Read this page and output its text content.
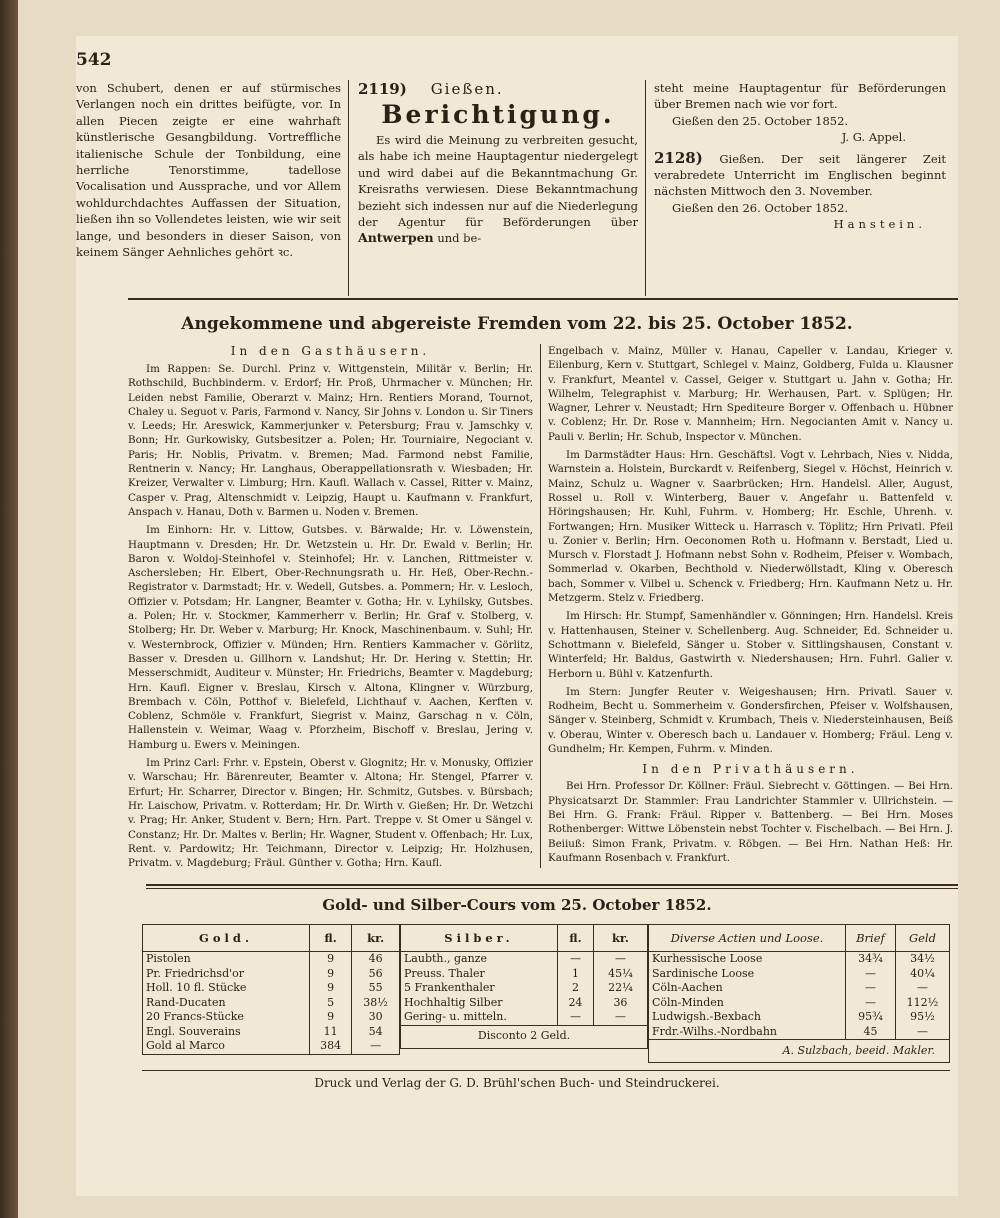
542

von Schubert, denen er auf stürmisches Verlangen noch ein drittes beifügte, vor. In allen Piecen zeigte er eine wahrhaft künstlerische Gesangbildung. Vortreffliche italienische Schule der Tonbildung, eine herrliche Tenorstimme, tadellose Vocalisation und Aussprache, und vor Allem wohldurchdachtes Auffassen der Situation, ließen ihn so Vollendetes leisten, wie wir seit lange, und besonders in dieser Saison, von keinem Sänger Aehnliches gehört ꝛc.

2119) Gießen.
Berichtigung.

Es wird die Meinung zu verbreiten gesucht, als habe ich meine Hauptagentur niedergelegt und wird dabei auf die Bekanntmachung Gr. Kreisraths verwiesen. Diese Bekanntmachung bezieht sich indessen nur auf die Niederlegung der Agentur für Beförderungen über Antwerpen und be-

steht meine Hauptagentur für Beförderungen über Bremen nach wie vor fort.

Gießen den 25. October 1852.

J. G. Appel.

2128) Gießen. Der seit längerer Zeit verabredete Unterricht im Englischen beginnt nächsten Mittwoch den 3. November.

Gießen den 26. October 1852.

Hanstein.

Angekommene und abgereiste Fremden vom 22. bis 25. October 1852.
In den Gasthäusern.

Im Rappen: Se. Durchl. Prinz v. Wittgenstein, Militär v. Berlin; Hr. Rothschild, Buchbinderm. v. Erdorf; Hr. Proß, Uhrmacher v. München; Hr. Leiden nebst Familie, Oberarzt v. Mainz; Hrn. Rentiers Morand, Tournot, Chaley u. Seguot v. Paris, Farmond v. Nancy, Sir Johns v. London u. Sir Tiners v. Leeds; Hr. Areswick, Kammerjunker v. Petersburg; Frau v. Jamschky v. Bonn; Hr. Gurkowisky, Gutsbesitzer a. Polen; Hr. Tourniaire, Negociant v. Paris; Hr. Noblis, Privatm. v. Bremen; Mad. Farmond nebst Familie, Rentnerin v. Nancy; Hr. Langhaus, Oberappellationsrath v. Wiesbaden; Hr. Kreizer, Verwalter v. Limburg; Hrn. Kaufl. Wallach v. Cassel, Ritter v. Mainz, Casper v. Prag, Altenschmidt v. Leipzig, Haupt u. Kaufmann v. Frankfurt, Anspach v. Hanau, Doth v. Barmen u. Noden v. Bremen.

Im Einhorn: Hr. v. Littow, Gutsbes. v. Bärwalde; Hr. v. Löwenstein, Hauptmann v. Dresden; Hr. Dr. Wetzstein u. Hr. Dr. Ewald v. Berlin; Hr. Baron v. Woldoj-Steinhofel v. Steinhofel; Hr. v. Lanchen, Rittmeister v. Aschersleben; Hr. Elbert, Ober-Rechnungsrath u. Hr. Heß, Ober-Rechn.-Registrator v. Darmstadt; Hr. v. Wedell, Gutsbes. a. Pommern; Hr. v. Lesloch, Offizier v. Potsdam; Hr. Langner, Beamter v. Gotha; Hr. v. Lyhilsky, Gutsbes. a. Polen; Hr. v. Stockmer, Kammerherr v. Berlin; Hr. Graf v. Stolberg, v. Stolberg; Hr. Dr. Weber v. Marburg; Hr. Knock, Maschinenbaum. v. Suhl; Hr. v. Westernbrock, Offizier v. Münden; Hrn. Rentiers Kammacher v. Görlitz, Basser v. Dresden u. Gillhorn v. Landshut; Hr. Dr. Hering v. Stettin; Hr. Messerschmidt, Auditeur v. Münster; Hr. Friedrichs, Beamter v. Magdeburg; Hrn. Kaufl. Eigner v. Breslau, Kirsch v. Altona, Klingner v. Würzburg, Brembach v. Cöln, Potthof v. Bielefeld, Lichthauf v. Aachen, Kerften v. Coblenz, Schmöle v. Frankfurt, Siegrist v. Mainz, Garschag n v. Cöln, Hallenstein v. Weimar, Waag v. Pforzheim, Bischoff v. Breslau, Jering v. Hamburg u. Ewers v. Meiningen.

Im Prinz Carl: Frhr. v. Epstein, Oberst v. Glognitz; Hr. v. Monusky, Offizier v. Warschau; Hr. Bärenreuter, Beamter v. Altona; Hr. Stengel, Pfarrer v. Erfurt; Hr. Scharrer, Director v. Bingen; Hr. Schmitz, Gutsbes. v. Bürsbach; Hr. Laischow, Privatm. v. Rotterdam; Hr. Dr. Wirth v. Gießen; Hr. Dr. Wetzchi v. Prag; Hr. Anker, Student v. Bern; Hrn. Part. Treppe v. St Omer u Sängel v. Constanz; Hr. Dr. Maltes v. Berlin; Hr. Wagner, Student v. Offenbach; Hr. Lux, Rent. v. Pardowitz; Hr. Teichmann, Director v. Leipzig; Hr. Holzhusen, Privatm. v. Magdeburg; Fräul. Günther v. Gotha; Hrn. Kaufl.

Engelbach v. Mainz, Müller v. Hanau, Capeller v. Landau, Krieger v. Eilenburg, Kern v. Stuttgart, Schlegel v. Mainz, Goldberg, Fulda u. Klausner v. Frankfurt, Meantel v. Cassel, Geiger v. Stuttgart u. Jahn v. Gotha; Hr. Wilhelm, Telegraphist v. Marburg; Hr. Werhausen, Part. v. Splügen; Hr. Wagner, Lehrer v. Neustadt; Hrn Spediteure Borger v. Offenbach u. Hübner v. Coblenz; Hr. Dr. Rose v. Mannheim; Hrn. Negocianten Amit v. Nancy u. Pauli v. Berlin; Hr. Schub, Inspector v. München.

Im Darmstädter Haus: Hrn. Geschäftsl. Vogt v. Lehrbach, Nies v. Nidda, Warnstein a. Holstein, Burckardt v. Reifenberg, Siegel v. Höchst, Heinrich v. Mainz, Schulz u. Wagner v. Saarbrücken; Hrn. Handelsl. Aller, August, Rossel u. Roll v. Winterberg, Bauer v. Angefahr u. Battenfeld v. Höringshausen; Hr. Kuhl, Fuhrm. v. Homberg; Hr. Eschle, Uhrenh. v. Fortwangen; Hrn. Musiker Witteck u. Harrasch v. Töplitz; Hrn Privatl. Pfeil u. Zonier v. Berlin; Hrn. Oeconomen Roth u. Hofmann v. Berstadt, Lied u. Mursch v. Florstadt J. Hofmann nebst Sohn v. Rodheim, Pfeiser v. Wombach, Sommerlad v. Okarben, Bechthold v. Niederwöllstadt, Kling v. Oberesch bach, Sommer v. Vilbel u. Schenck v. Friedberg; Hrn. Kaufmann Netz u. Hr. Metzgerm. Stelz v. Friedberg.

Im Hirsch: Hr. Stumpf, Samenhändler v. Gönningen; Hrn. Handelsl. Kreis v. Hattenhausen, Steiner v. Schellenberg. Aug. Schneider, Ed. Schneider u. Schottmann v. Bielefeld, Sänger u. Stober v. Sittlingshausen, Constant v. Winterfeld; Hr. Baldus, Gastwirth v. Niedershausen; Hrn. Fuhrl. Galier v. Herborn u. Bühl v. Katzenfurth.

Im Stern: Jungfer Reuter v. Weigeshausen; Hrn. Privatl. Sauer v. Rodheim, Becht u. Sommerheim v. Gondersfirchen, Pfeiser v. Wolfshausen, Sänger v. Steinberg, Schmidt v. Krumbach, Theis v. Niedersteinhausen, Beiß v. Oberau, Winter v. Oberesch bach u. Landauer v. Homberg; Fräul. Leng v. Gundhelm; Hr. Kempen, Fuhrm. v. Minden.

In den Privathäusern.

Bei Hrn. Professor Dr. Köllner: Fräul. Siebrecht v. Göttingen. — Bei Hrn. Physicatsarzt Dr. Stammler: Frau Landrichter Stammler v. Ullrichstein. — Bei Hrn. G. Frank: Fräul. Ripper v. Battenberg. — Bei Hrn. Moses Rothenberger: Wittwe Löbenstein nebst Tochter v. Fischelbach. — Bei Hrn. J. Beiiuß: Simon Frank, Privatm. v. Röbgen. — Bei Hrn. Nathan Heß: Hr. Kaufmann Rosenbach v. Frankfurt.

Gold- und Silber-Cours vom 25. October 1852.
Gold.	fl.	kr.
Pistolen	9	46
Pr. Friedrichsd'or	9	56
Holl. 10 fl. Stücke	9	55
Rand-Ducaten	5	38½
20 Francs-Stücke	9	30
Engl. Souverains	11	54
Gold al Marco	384	—
Silber.	fl.	kr.
Laubth., ganze	—	—
Preuss. Thaler	1	45¼
5 Frankenthaler	2	22¼
Hochhaltig Silber	24	36
Gering- u. mitteln.	—	—
Disconto 2 Geld.		
Diverse Actien und Loose.	Brief	Geld
Kurhessische Loose	34¾	34½
Sardinische Loose	—	40¼
Cöln-Aachen	—	—
Cöln-Minden	—	112½
Ludwigsh.-Bexbach	95¾	95½
Frdr.-Wilhs.-Nordbahn	45	—
A. Sulzbach, beeid. Makler.		
Druck und Verlag der G. D. Brühl'schen Buch- und Steindruckerei.
